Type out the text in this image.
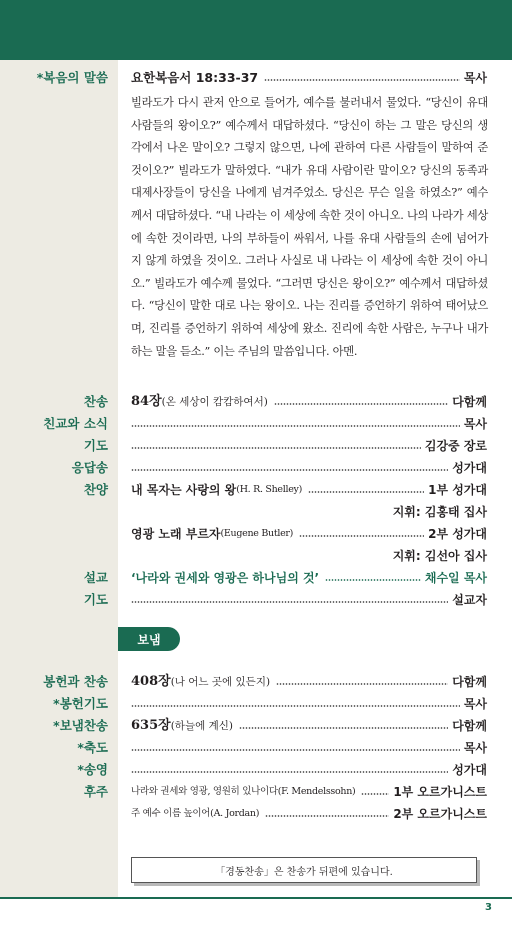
*복음의 말씀 요한복음서 18:33-37	목사

빌라도가 다시 관저 안으로 들어가, 예수를 불러내서 물었다. “당신이 유대 사람들의 왕이오?” 예수께서 대답하셨다. “당신이 하는 그 말은 당신의 생각에서 나온 말이오? 그렇지 않으면, 나에 관하여 다른 사람들이 말하여 준 것이오?” 빌라도가 말하였다. “내가 유대 사람이란 말이오? 당신의 동족과 대제사장들이 당신을 나에게 넘겨주었소. 당신은 무슨 일을 하였소?” 예수께서 대답하셨다. “내 나라는 이 세상에 속한 것이 아니오. 나의 나라가 세상에 속한 것이라면, 나의 부하들이 싸워서, 나를 유대 사람들의 손에 넘어가지 않게 하였을 것이오. 그러나 사실로 내 나라는 이 세상에 속한 것이 아니오.” 빌라도가 예수께 물었다. “그러면 당신은 왕이오?” 예수께서 대답하셨다. “당신이 말한 대로 나는 왕이오. 나는 진리를 증언하기 위하여 태어났으며, 진리를 증언하기 위하여 세상에 왔소. 진리에 속한 사람은, 누구나 내가 하는 말을 듣소.” 이는 주님의 말씀입니다. 아멘.

찬송 84장 (온 세상이 캄캄하여서)	다함께
친교와 소식	목사
기도	김강중 장로
응답송	성가대
찬양 내 목자는 사랑의 왕 (H. R. Shelley)	1부 성가대
지휘: 김홍태 집사
영광 노래 부르자 (Eugene Butler)	2부 성가대
지휘: 김선아 집사
설교 ‘나라와 권세와 영광은 하나님의 것’	채수일 목사
기도	설교자
보냄
봉헌과 찬송 408장 (나 어느 곳에 있든지)	다함께
*봉헌기도	목사
*보냄찬송 635장 (하늘에 계신)	다함께
*축도	목사
*송영	성가대
후주 나라와 권세와 영광, 영원히 있나이다(F. Mendelssohn)	1부 오르가니스트
주 예수 이름 높이어(A. Jordan)	2부 오르가니스트
「경동찬송」은 찬송가 뒤편에 있습니다.
3
